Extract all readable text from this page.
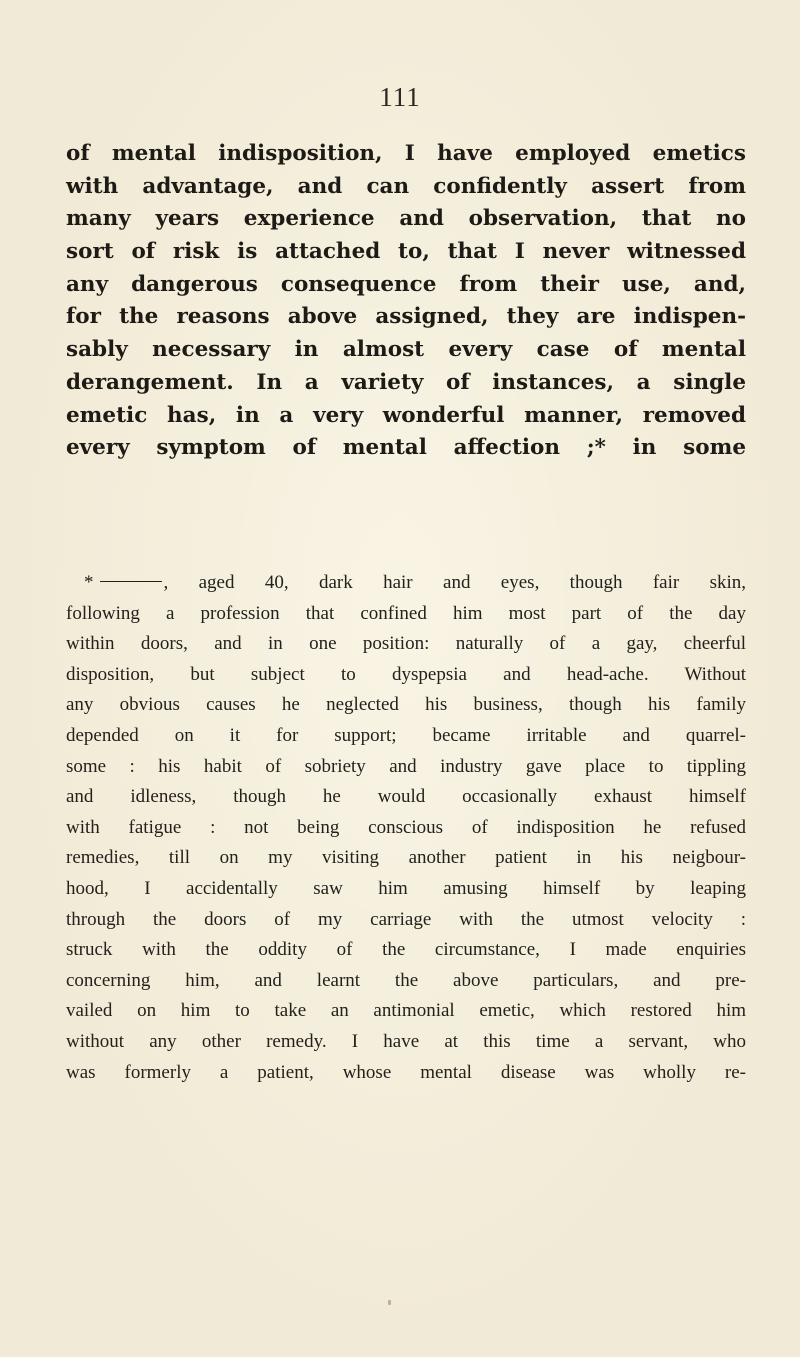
111
of mental indisposition, I have employed emetics
with advantage, and can confidently assert from
many years experience and observation, that no
sort of risk is attached to, that I never witnessed
any dangerous consequence from their use, and,
for the reasons above assigned, they are indispen-
sably necessary in almost every case of mental
derangement. In a variety of instances, a single
emetic has, in a very wonderful manner, removed
every symptom of mental affection ;* in some
*	, aged 40, dark hair and eyes, though fair skin,
following a profession that confined him most part of the day
within doors, and in one position: naturally of a gay, cheerful
disposition, but subject to dyspepsia and head-ache. Without
any obvious causes he neglected his business, though his family
depended on it for support; became irritable and quarrel-
some : his habit of sobriety and industry gave place to tippling
and idleness, though he would occasionally exhaust himself
with fatigue : not being conscious of indisposition he refused
remedies, till on my visiting another patient in his neigbour-
hood, I accidentally saw him amusing himself by leaping
through the doors of my carriage with the utmost velocity :
struck with the oddity of the circumstance, I made enquiries
concerning him, and learnt the above particulars, and pre-
vailed on him to take an antimonial emetic, which restored him
without any other remedy. I have at this time a servant, who
was formerly a patient, whose mental disease was wholly re-
